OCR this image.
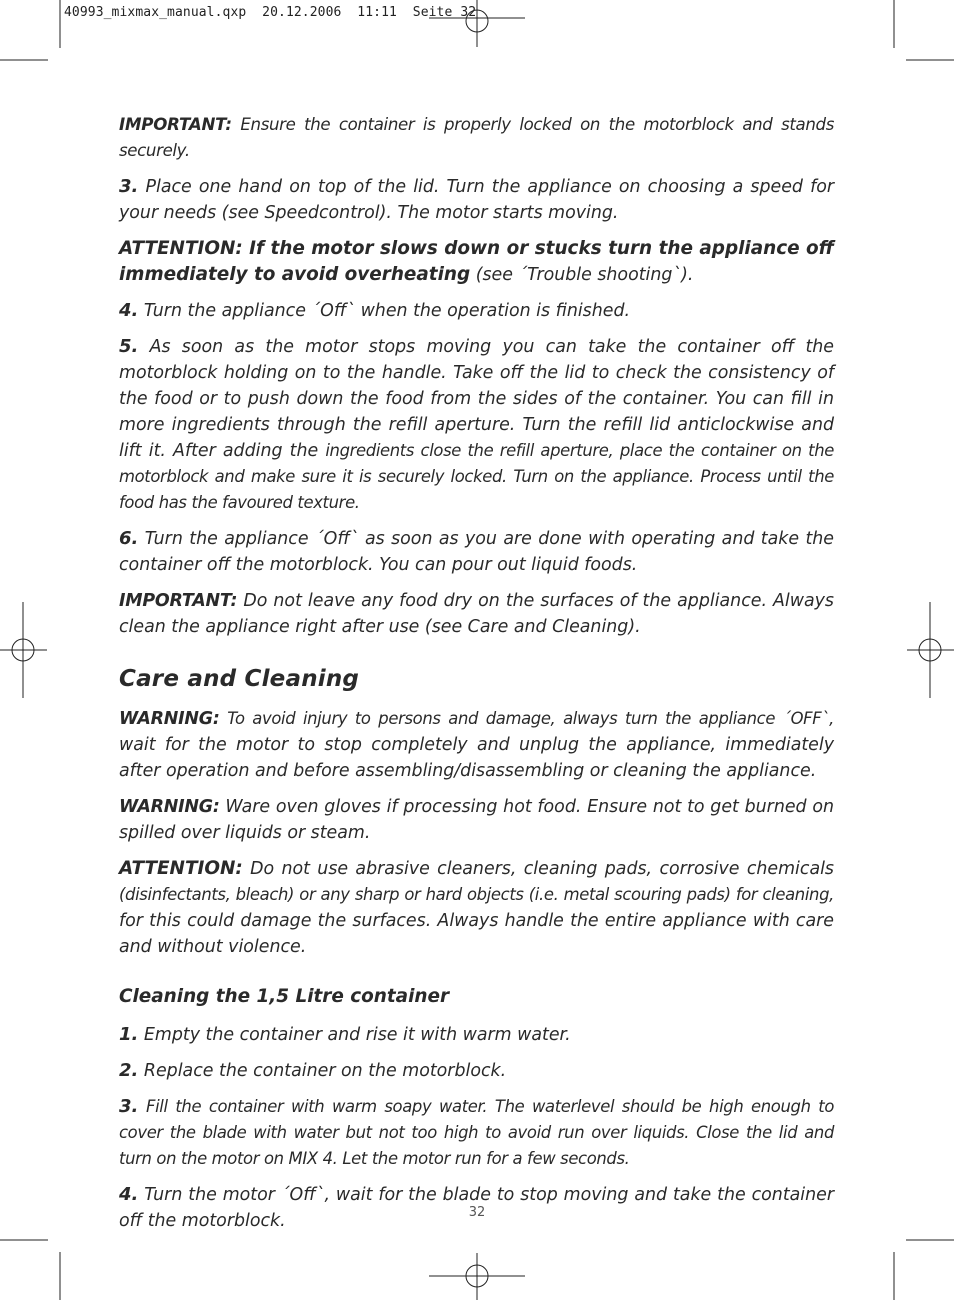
40993_mixmax_manual.qxp  20.12.2006  11:11  Seite 32

IMPORTANT: Ensure the container is properly locked on the motorblock and stands securely.

3. Place one hand on top of the lid. Turn the appliance on choosing a speed for your needs (see Speedcontrol). The motor starts moving.

ATTENTION: If the motor slows down or stucks turn the appliance off immediately to avoid overheating (see ´Trouble shooting`).

4. Turn the appliance ´Off` when the operation is finished.

5. As soon as the motor stops moving you can take the container off the motorblock holding on to the handle. Take off the lid to check the consistency of the food or to push down the food from the sides of the container. You can fill in more ingredients through the refill aperture. Turn the refill lid anticlockwise and lift it. After adding the ingredients close the refill aperture, place the container on the motorblock and make sure it is securely locked. Turn on the appliance. Process until the food has the favoured texture.

6. Turn the appliance ´Off` as soon as you are done with operating and take the container off the motorblock. You can pour out liquid foods.

IMPORTANT: Do not leave any food dry on the surfaces of the appliance. Always clean the appliance right after use (see Care and Cleaning).

Care and Cleaning

WARNING: To avoid injury to persons and damage, always turn the appliance ´OFF`, wait for the motor to stop completely and unplug the appliance, immediately after operation and before assembling/disassembling or cleaning the appliance.

WARNING: Ware oven gloves if processing hot food. Ensure not to get burned on spilled over liquids or steam.

ATTENTION: Do not use abrasive cleaners, cleaning pads, corrosive chemicals (disinfectants, bleach) or any sharp or hard objects (i.e. metal scouring pads) for cleaning, for this could damage the surfaces. Always handle the entire appliance with care and without violence.

Cleaning the 1,5 Litre container

1. Empty the container and rise it with warm water.

2. Replace the container on the motorblock.

3. Fill the container with warm soapy water. The waterlevel should be high enough to cover the blade with water but not too high to avoid run over liquids. Close the lid and turn on the motor on MIX 4. Let the motor run for a few seconds.

4. Turn the motor ´Off`, wait for the blade to stop moving and take the container off the motorblock.	32
